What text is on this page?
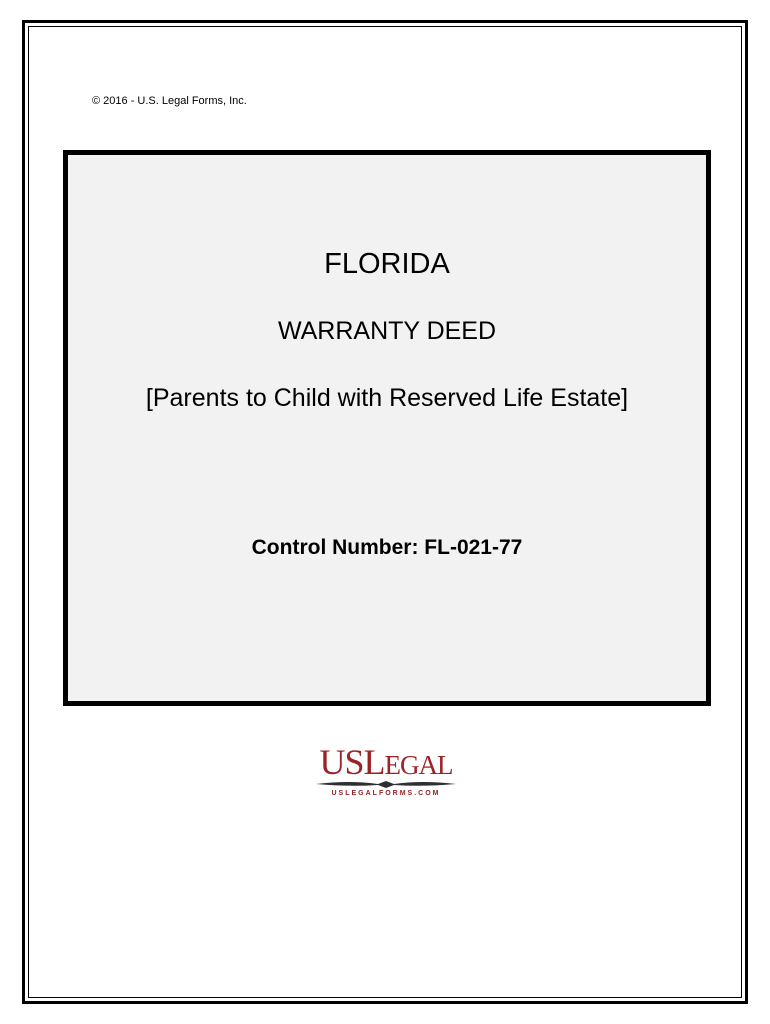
© 2016 - U.S. Legal Forms, Inc.
FLORIDA
WARRANTY DEED
[Parents to Child with Reserved Life Estate]
Control Number: FL-021-77
USLEGAL
USLEGALFORMS.COM
